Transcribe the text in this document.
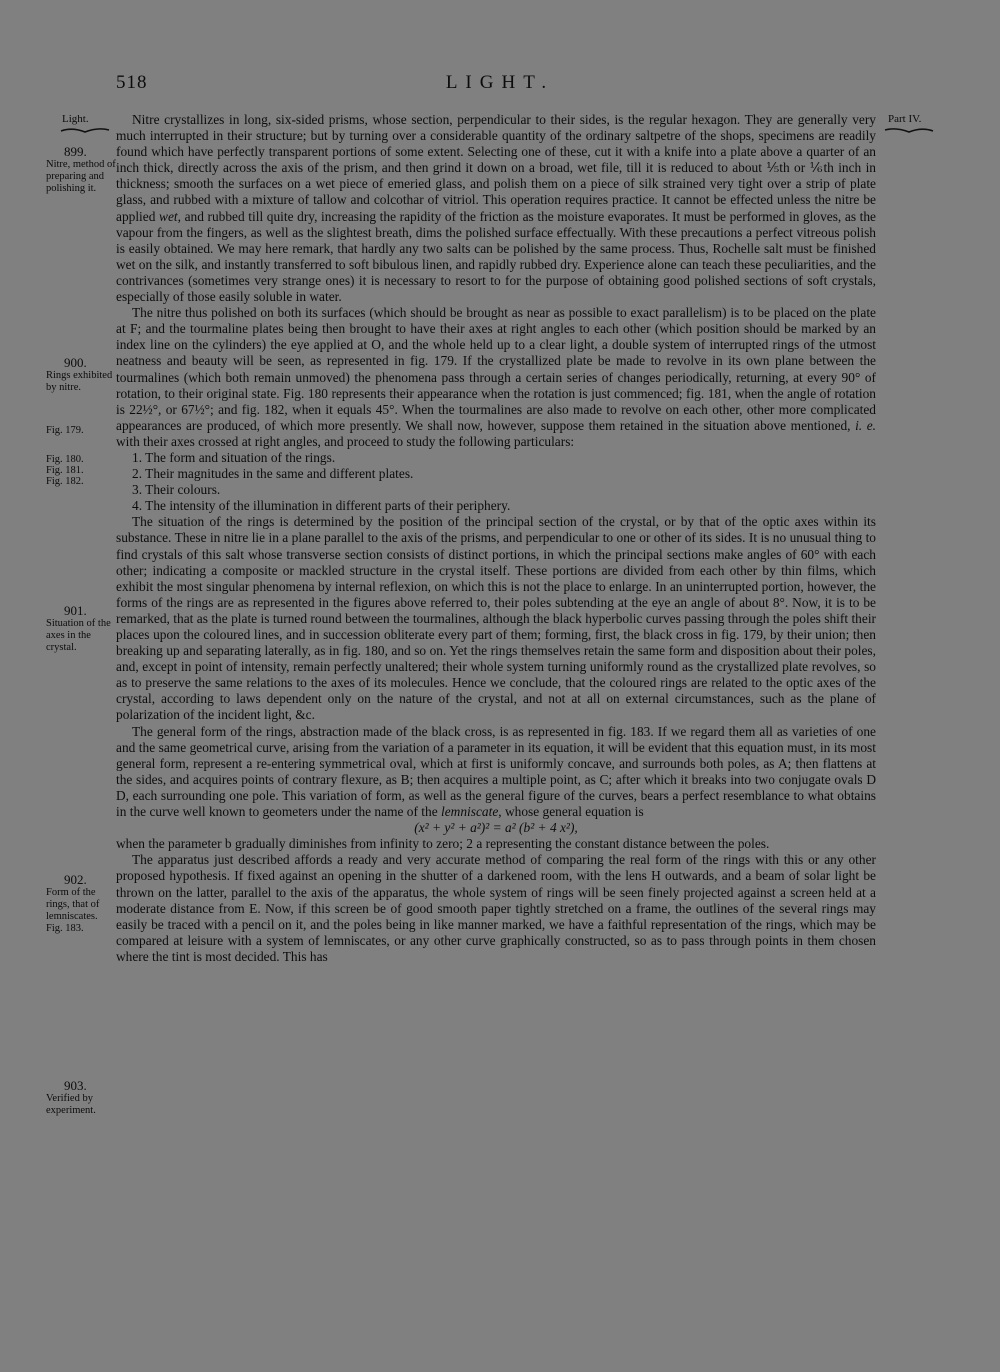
518	LIGHT.
Light.	Part IV.
899.
Nitre, method of preparing and polishing it.
900.
Rings exhibited by nitre.
Fig. 179.
Fig. 180. Fig. 181. Fig. 182.
901.
Situation of the axes in the crystal.
902.
Form of the rings, that of lemniscates.
Fig. 183.
903.
Verified by experiment.

Nitre crystallizes in long, six-sided prisms, whose section, perpendicular to their sides, is the regular hexagon. They are generally very much interrupted in their structure; but by turning over a considerable quantity of the ordinary saltpetre of the shops, specimens are readily found which have perfectly transparent portions of some extent. Selecting one of these, cut it with a knife into a plate above a quarter of an inch thick, directly across the axis of the prism, and then grind it down on a broad, wet file, till it is reduced to about ⅕th or ⅙th inch in thickness; smooth the surfaces on a wet piece of emeried glass, and polish them on a piece of silk strained very tight over a strip of plate glass, and rubbed with a mixture of tallow and colcothar of vitriol. This operation requires practice. It cannot be effected unless the nitre be applied wet, and rubbed till quite dry, increasing the rapidity of the friction as the moisture evaporates. It must be performed in gloves, as the vapour from the fingers, as well as the slightest breath, dims the polished surface effectually. With these precautions a perfect vitreous polish is easily obtained. We may here remark, that hardly any two salts can be polished by the same process. Thus, Rochelle salt must be finished wet on the silk, and instantly transferred to soft bibulous linen, and rapidly rubbed dry. Experience alone can teach these peculiarities, and the contrivances (sometimes very strange ones) it is necessary to resort to for the purpose of obtaining good polished sections of soft crystals, especially of those easily soluble in water.

The nitre thus polished on both its surfaces (which should be brought as near as possible to exact parallelism) is to be placed on the plate at F; and the tourmaline plates being then brought to have their axes at right angles to each other (which position should be marked by an index line on the cylinders) the eye applied at O, and the whole held up to a clear light, a double system of interrupted rings of the utmost neatness and beauty will be seen, as represented in fig. 179. If the crystallized plate be made to revolve in its own plane between the tourmalines (which both remain unmoved) the phenomena pass through a certain series of changes periodically, returning, at every 90° of rotation, to their original state. Fig. 180 represents their appearance when the rotation is just commenced; fig. 181, when the angle of rotation is 22½°, or 67½°; and fig. 182, when it equals 45°. When the tourmalines are also made to revolve on each other, other more complicated appearances are produced, of which more presently. We shall now, however, suppose them retained in the situation above mentioned, i. e. with their axes crossed at right angles, and proceed to study the following particulars:

1. The form and situation of the rings.

2. Their magnitudes in the same and different plates.

3. Their colours.

4. The intensity of the illumination in different parts of their periphery.

The situation of the rings is determined by the position of the principal section of the crystal, or by that of the optic axes within its substance. These in nitre lie in a plane parallel to the axis of the prisms, and perpendicular to one or other of its sides. It is no unusual thing to find crystals of this salt whose transverse section consists of distinct portions, in which the principal sections make angles of 60° with each other; indicating a composite or mackled structure in the crystal itself. These portions are divided from each other by thin films, which exhibit the most singular phenomena by internal reflexion, on which this is not the place to enlarge. In an uninterrupted portion, however, the forms of the rings are as represented in the figures above referred to, their poles subtending at the eye an angle of about 8°. Now, it is to be remarked, that as the plate is turned round between the tourmalines, although the black hyperbolic curves passing through the poles shift their places upon the coloured lines, and in succession obliterate every part of them; forming, first, the black cross in fig. 179, by their union; then breaking up and separating laterally, as in fig. 180, and so on. Yet the rings themselves retain the same form and disposition about their poles, and, except in point of intensity, remain perfectly unaltered; their whole system turning uniformly round as the crystallized plate revolves, so as to preserve the same relations to the axes of its molecules. Hence we conclude, that the coloured rings are related to the optic axes of the crystal, according to laws dependent only on the nature of the crystal, and not at all on external circumstances, such as the plane of polarization of the incident light, &c.

The general form of the rings, abstraction made of the black cross, is as represented in fig. 183. If we regard them all as varieties of one and the same geometrical curve, arising from the variation of a parameter in its equation, it will be evident that this equation must, in its most general form, represent a re-entering symmetrical oval, which at first is uniformly concave, and surrounds both poles, as A; then flattens at the sides, and acquires points of contrary flexure, as B; then acquires a multiple point, as C; after which it breaks into two conjugate ovals D D, each surrounding one pole. This variation of form, as well as the general figure of the curves, bears a perfect resemblance to what obtains in the curve well known to geometers under the name of the lemniscate, whose general equation is

(x² + y² + a²)² = a² (b² + 4 x²),

when the parameter b gradually diminishes from infinity to zero; 2 a representing the constant distance between the poles.

The apparatus just described affords a ready and very accurate method of comparing the real form of the rings with this or any other proposed hypothesis. If fixed against an opening in the shutter of a darkened room, with the lens H outwards, and a beam of solar light be thrown on the latter, parallel to the axis of the apparatus, the whole system of rings will be seen finely projected against a screen held at a moderate distance from E. Now, if this screen be of good smooth paper tightly stretched on a frame, the outlines of the several rings may easily be traced with a pencil on it, and the poles being in like manner marked, we have a faithful representation of the rings, which may be compared at leisure with a system of lemniscates, or any other curve graphically constructed, so as to pass through points in them chosen where the tint is most decided. This has
